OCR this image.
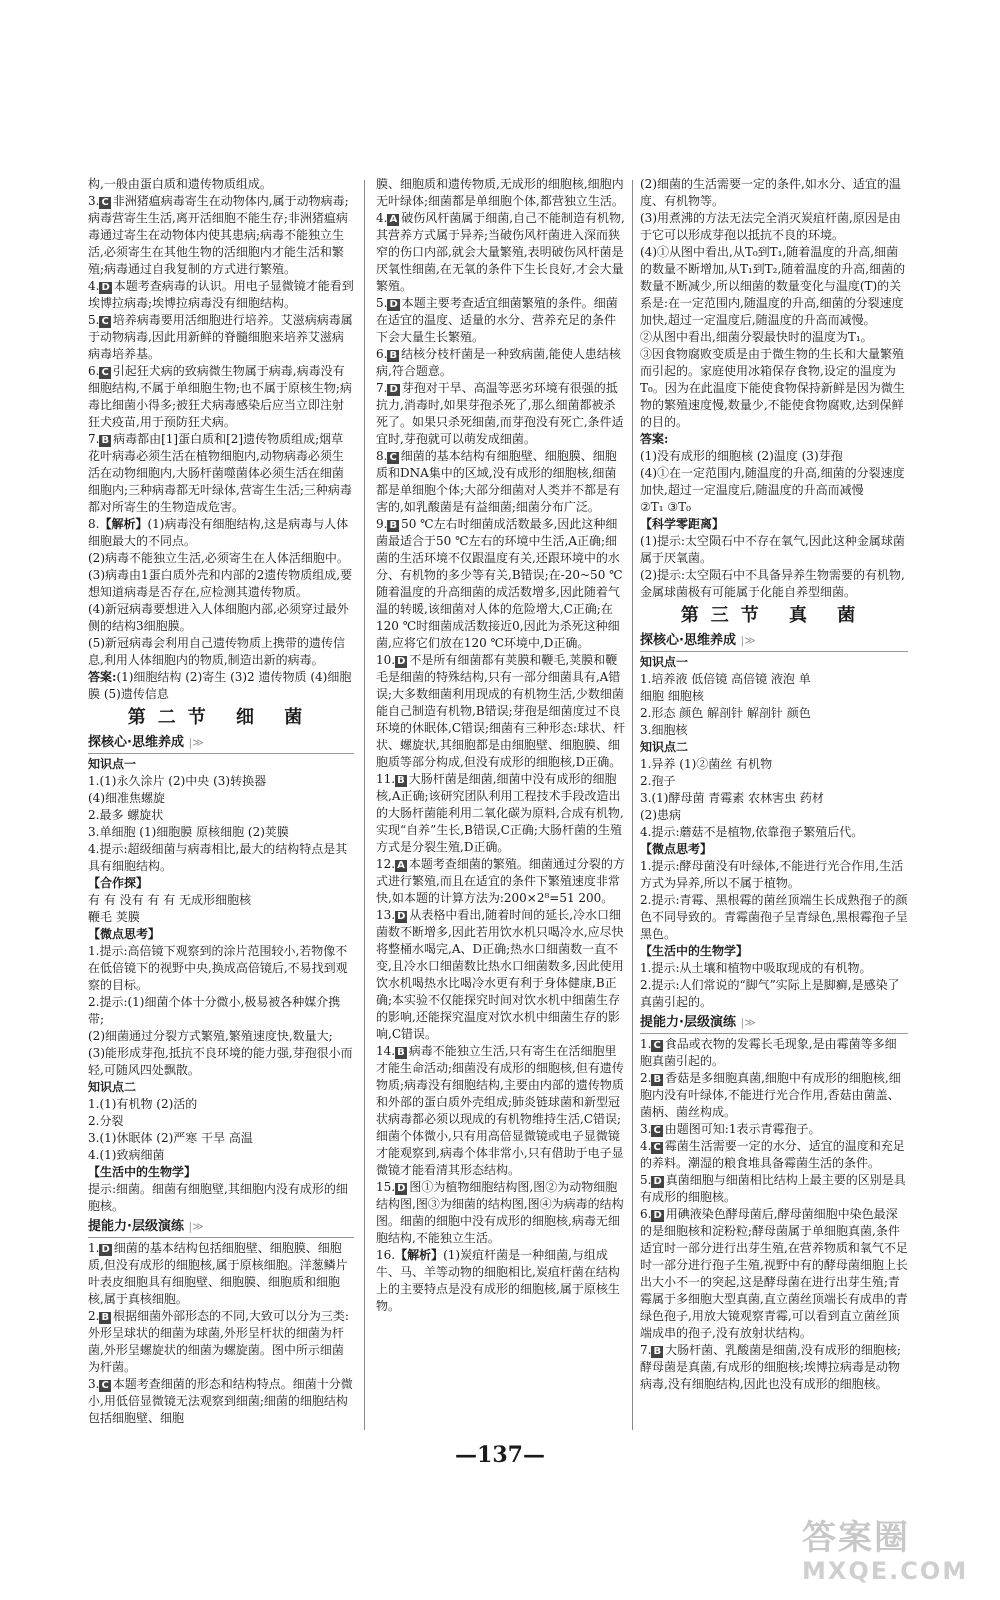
构,一般由蛋白质和遗传物质组成。

3. C 非洲猪瘟病毒寄生在动物体内,属于动物病毒;病毒营寄生生活,离开活细胞不能生存;非洲猪瘟病毒通过寄生在动物体内使其患病;病毒不能独立生活,必须寄生在其他生物的活细胞内才能生活和繁殖;病毒通过自我复制的方式进行繁殖。

4. D 本题考查病毒的认识。用电子显微镜才能看到埃博拉病毒;埃博拉病毒没有细胞结构。

5. C 培养病毒要用活细胞进行培养。艾滋病病毒属于动物病毒,因此用新鲜的脊髓细胞来培养艾滋病病毒培养基。

6. C 引起狂犬病的致病微生物属于病毒,病毒没有细胞结构,不属于单细胞生物;也不属于原核生物;病毒比细菌小得多;被狂犬病毒感染后应当立即注射狂犬疫苗,用于预防狂犬病。

7. B 病毒都由[1]蛋白质和[2]遗传物质组成;烟草花叶病毒必须生活在植物细胞内,动物病毒必须生活在动物细胞内,大肠杆菌噬菌体必须生活在细菌细胞内;三种病毒都无叶绿体,营寄生生活;三种病毒都对所寄生的生物造成危害。

8.【解析】(1)病毒没有细胞结构,这是病毒与人体细胞最大的不同点。

(2)病毒不能独立生活,必须寄生在人体活细胞中。

(3)病毒由1蛋白质外壳和内部的2遗传物质组成,要想知道病毒是否存在,应检测其遗传物质。

(4)新冠病毒要想进入人体细胞内部,必须穿过最外侧的结构3细胞膜。

(5)新冠病毒会利用自己遗传物质上携带的遗传信息,利用人体细胞内的物质,制造出新的病毒。

答案:(1)细胞结构 (2)寄生 (3)2 遗传物质 (4)细胞膜 (5)遗传信息

第二节 细 菌
探核心·思维养成 |≫
知识点一

1.(1)永久涂片 (2)中央 (3)转换器

(4)细准焦螺旋

2.最多 螺旋状

3.单细胞 (1)细胞膜 原核细胞 (2)荚膜

4.提示:超级细菌与病毒相比,最大的结构特点是其具有细胞结构。

【合作探】

有 有 没有 有 有 无成形细胞核

鞭毛 荚膜

【微点思考】

1.提示:高倍镜下观察到的涂片范围较小,若物像不在低倍镜下的视野中央,换成高倍镜后,不易找到观察的目标。

2.提示:(1)细菌个体十分微小,极易被各种媒介携带;

(2)细菌通过分裂方式繁殖,繁殖速度快,数量大;

(3)能形成芽孢,抵抗不良环境的能力强,芽孢很小而轻,可随风四处飘散。

知识点二

1.(1)有机物 (2)活的

2.分裂

3.(1)休眠体 (2)严寒 干旱 高温

4.(1)致病细菌

【生活中的生物学】

提示:细菌。细菌有细胞壁,其细胞内没有成形的细胞核。

提能力·层级演练 |≫

1. D 细菌的基本结构包括细胞壁、细胞膜、细胞质,但没有成形的细胞核,属于原核细胞。洋葱鳞片叶表皮细胞具有细胞壁、细胞膜、细胞质和细胞核,属于真核细胞。

2. B 根据细菌外部形态的不同,大致可以分为三类:外形呈球状的细菌为球菌,外形呈杆状的细菌为杆菌,外形呈螺旋状的细菌为螺旋菌。图中所示细菌为杆菌。

3. C 本题考查细菌的形态和结构特点。细菌十分微小,用低倍显微镜无法观察到细菌;细菌的细胞结构包括细胞壁、细胞

膜、细胞质和遗传物质,无成形的细胞核,细胞内无叶绿体;细菌都是单细胞个体,都营独立生活。

4. A 破伤风杆菌属于细菌,自己不能制造有机物,其营养方式属于异养;当破伤风杆菌进入深而狭窄的伤口内部,就会大量繁殖,表明破伤风杆菌是厌氧性细菌,在无氧的条件下生长良好,才会大量繁殖。

5. D 本题主要考查适宜细菌繁殖的条件。细菌在适宜的温度、适量的水分、营养充足的条件下会大量生长繁殖。

6. B 结核分枝杆菌是一种致病菌,能使人患结核病,符合题意。

7. D 芽孢对干旱、高温等恶劣环境有很强的抵抗力,消毒时,如果芽孢杀死了,那么细菌都被杀死了。如果只杀死细菌,而芽孢没有死亡,条件适宜时,芽孢就可以萌发成细菌。

8. C 细菌的基本结构有细胞壁、细胞膜、细胞质和DNA集中的区域,没有成形的细胞核,细菌都是单细胞个体;大部分细菌对人类并不都是有害的,如乳酸菌是有益细菌;细菌分布广泛。

9. B 50 ℃左右时细菌成活数最多,因此这种细菌最适合于50 ℃左右的环境中生活,A正确;细菌的生活环境不仅跟温度有关,还跟环境中的水分、有机物的多少等有关,B错误;在-20~50 ℃随着温度的升高细菌的成活数增多,因此随着气温的转暖,该细菌对人体的危险增大,C正确;在120 ℃时细菌成活数接近0,因此为杀死这种细菌,应将它们放在120 ℃环境中,D正确。

10. D 不是所有细菌都有荚膜和鞭毛,荚膜和鞭毛是细菌的特殊结构,只有一部分细菌具有,A错误;大多数细菌利用现成的有机物生活,少数细菌能自己制造有机物,B错误;芽孢是细菌度过不良环境的休眠体,C错误;细菌有三种形态:球状、杆状、螺旋状,其细胞都是由细胞壁、细胞膜、细胞质等部分构成,但没有成形的细胞核,D正确。

11. B 大肠杆菌是细菌,细菌中没有成形的细胞核,A正确;该研究团队利用工程技术手段改造出的大肠杆菌能利用二氧化碳为原料,合成有机物,实现“自养”生长,B错误,C正确;大肠杆菌的生殖方式是分裂生殖,D正确。

12. A 本题考查细菌的繁殖。细菌通过分裂的方式进行繁殖,而且在适宜的条件下繁殖速度非常快,如本题的计算方法为:200×2⁸=51 200。

13. D 从表格中看出,随着时间的延长,冷水口细菌数不断增多,因此若用饮水机只喝冷水,应尽快将整桶水喝完,A、D正确;热水口细菌数一直不变,且冷水口细菌数比热水口细菌数多,因此使用饮水机喝热水比喝冷水更有利于身体健康,B正确;本实验不仅能探究时间对饮水机中细菌生存的影响,还能探究温度对饮水机中细菌生存的影响,C错误。

14. B 病毒不能独立生活,只有寄生在活细胞里才能生命活动;细菌没有成形的细胞核,但有遗传物质;病毒没有细胞结构,主要由内部的遗传物质和外部的蛋白质外壳组成;肺炎链球菌和新型冠状病毒都必须以现成的有机物维持生活,C错误;细菌个体微小,只有用高倍显微镜或电子显微镜才能观察到,病毒个体非常小,只有借助于电子显微镜才能看清其形态结构。

15. D 图①为植物细胞结构图,图②为动物细胞结构图,图③为细菌的结构图,图④为病毒的结构图。细菌的细胞中没有成形的细胞核,病毒无细胞结构,不能独立生活。

16.【解析】(1)炭疽杆菌是一种细菌,与组成牛、马、羊等动物的细胞相比,炭疽杆菌在结构上的主要特点是没有成形的细胞核,属于原核生物。

(2)细菌的生活需要一定的条件,如水分、适宜的温度、有机物等。

(3)用煮沸的方法无法完全消灭炭疽杆菌,原因是由于它可以形成芽孢以抵抗不良的环境。

(4)①从图中看出,从T₀到T₁,随着温度的升高,细菌的数量不断增加,从T₁到T₂,随着温度的升高,细菌的数量不断减少,所以细菌的数量变化与温度(T)的关系是:在一定范围内,随温度的升高,细菌的分裂速度加快,超过一定温度后,随温度的升高而减慢。

②从图中看出,细菌分裂最快时的温度为T₁。

③因食物腐败变质是由于微生物的生长和大量繁殖而引起的。家庭使用冰箱保存食物,设定的温度为T₀。因为在此温度下能使食物保持新鲜是因为微生物的繁殖速度慢,数量少,不能使食物腐败,达到保鲜的目的。

答案:

(1)没有成形的细胞核 (2)温度 (3)芽孢

(4)①在一定范围内,随温度的升高,细菌的分裂速度加快,超过一定温度后,随温度的升高而减慢

②T₁ ③T₀

【科学零距离】

(1)提示:太空陨石中不存在氧气,因此这种金属球菌属于厌氧菌。

(2)提示:太空陨石中不具备异养生物需要的有机物,金属球菌极有可能属于化能自养型细菌。

第三节 真 菌
探核心·思维养成 |≫
知识点一

1.培养液 低倍镜 高倍镜 液泡 单

细胞 细胞核

2.形态 颜色 解剖针 解剖针 颜色

3.细胞核

知识点二

1.异养 (1)②菌丝 有机物

2.孢子

3.(1)酵母菌 青霉素 农林害虫 药材

(2)患病

4.提示:蘑菇不是植物,依靠孢子繁殖后代。

【微点思考】

1.提示:酵母菌没有叶绿体,不能进行光合作用,生活方式为异养,所以不属于植物。

2.提示:青霉、黑根霉的菌丝顶端生长成熟孢子的颜色不同导致的。青霉菌孢子呈青绿色,黑根霉孢子呈黑色。

【生活中的生物学】

1.提示:从土壤和植物中吸取现成的有机物。

2.提示:人们常说的“脚气”实际上是脚癣,是感染了真菌引起的。

提能力·层级演练 |≫

1. C 食品或衣物的发霉长毛现象,是由霉菌等多细胞真菌引起的。

2. B 香菇是多细胞真菌,细胞中有成形的细胞核,细胞内没有叶绿体,不能进行光合作用,香菇由菌盖、菌柄、菌丝构成。

3. C 由题图可知:1表示青霉孢子。

4. C 霉菌生活需要一定的水分、适宜的温度和充足的养料。潮湿的粮食堆具备霉菌生活的条件。

5. D 真菌细胞与细菌相比结构上最主要的区别是具有成形的细胞核。

6. D 用碘液染色酵母菌后,酵母菌细胞中染色最深的是细胞核和淀粉粒;酵母菌属于单细胞真菌,条件适宜时一部分进行出芽生殖,在营养物质和氧气不足时一部分进行孢子生殖,视野中有的酵母菌细胞上长出大小不一的突起,这是酵母菌在进行出芽生殖;青霉属于多细胞大型真菌,直立菌丝顶端长有成串的青绿色孢子,用放大镜观察青霉,可以看到直立菌丝顶端成串的孢子,没有放射状结构。

7. B 大肠杆菌、乳酸菌是细菌,没有成形的细胞核;酵母菌是真菌,有成形的细胞核;埃博拉病毒是动物病毒,没有细胞结构,因此也没有成形的细胞核。

—137—
答案圈
MXQE.COM
